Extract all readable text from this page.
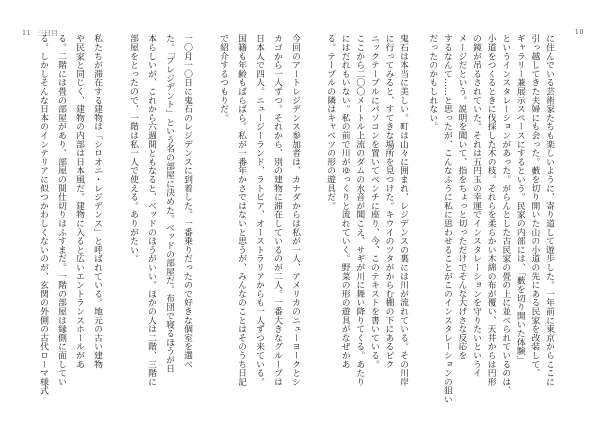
11 三日目
今回のアートレジデンス参加者は、カナダからは私が一人、アメリカのニューヨークとシ
カゴから一人ずつ。それから、別の建物に滞在しているのが二人。一番大きなグループは
日本人で四人。ニュージーランド、ラトビア、オーストラリアからも一人ずつ来ている。
国籍も年齢もばらばら。私が一番年かさではないと思うが、みんなのことはそのうち日記
で紹介するつもりだ。
一〇月一〇日に鬼石のレジデンスに到着した。一番乗りだったので好きな個室を選べ
た。「プレジデント」という名の部屋に決めた。ベッドの部屋だ。布団で寝るほうが日
本らしいが、これから六週間ともなると、ベッドのほうがいい。ほかの人は二階、三階に
部屋をとったので、一階は私一人で使える。ありがたい。
私たちが滞在する建物は「シロオニ・レジデンス」と呼ばれている。地元の古い建物
や民家と同じく、建物の内部は日本風だ。建物に入ると広いエントランスホールがあ
る。二階には畳の部屋があり、部屋の間仕切りはふすまだ。一階の部屋は縁側に面してい
る。しかしそんな日本のインテリアに似つかわしくないのが、玄関の外側の古代ローマ様式
10
に住んでいる芸術家たちも楽しいように、寄り道して遊歩した。一年前に東京からここに
引っ越してきた夫婦にも会った。藪を切り開いた山の小道の先にある民家を改装して、
ギャラリー兼展示スペースにするという。民家の内部には、「藪を切り開いた体験」
というインスタレーションがあった。がらんとした古民家の畳の上に並べられているのは、
小道をつくるときに伐採した木の枝。それらを柔らかい木綿の布が覆い、天井からは円形
の鏡が吊るされていた。それは五円玉の幸運でインスタレーションを守りたいというイ
メージだという。説明を聞いて、指をちょっと切っただけでそんな大げさな反応を
するなんて……と思ったが、こんなふうに私に思わせることがこのインスタレーションの狙い
だったのかもしれない。
鬼石は本当に美しい。町は山々に囲まれ、レジデンスの裏には川が流れている。その川岸
に行ってみると、すてきな場所を見つけた。キウイのツタがからむ棚の下にあるピク
ニックテーブルにパソコンを置いてベンチに座り、今、このテキストを書いている。
ここから二〇〇メートル上流のダムの水音が聞こえ、サギが川に舞い降りてくる。あたり
にはだれもいない。私の前で川がゆっくりと流れていく。野菜の形の遊具がなぜかあ
る。テーブルの隣はキャベツの形の遊具だ。
